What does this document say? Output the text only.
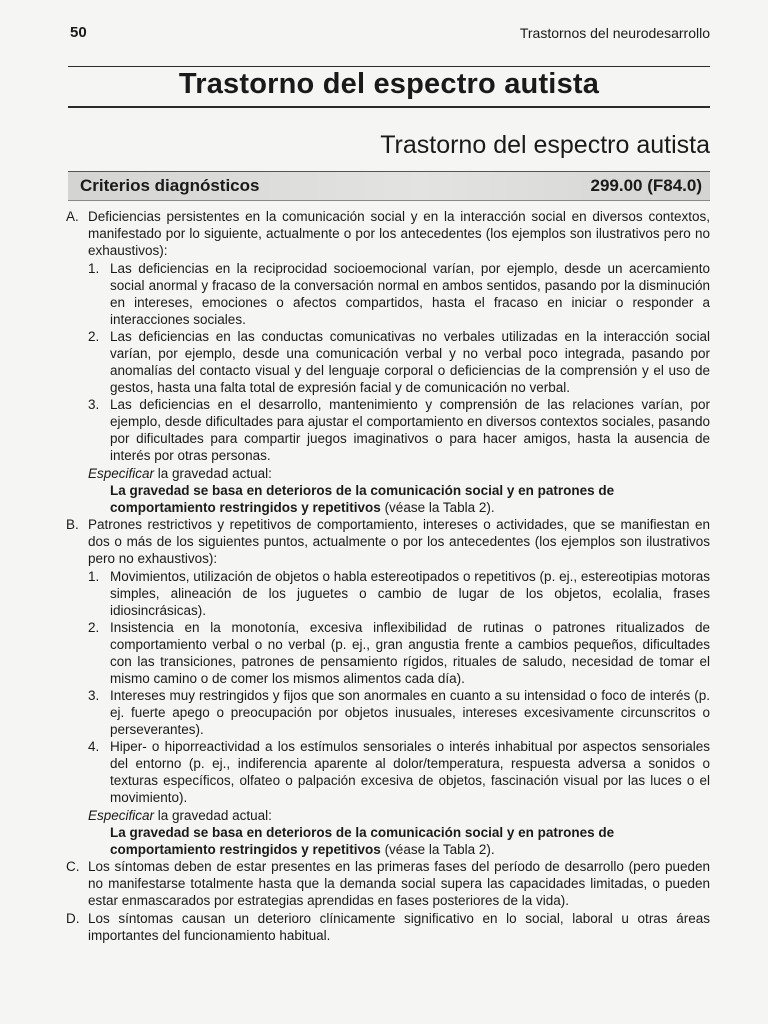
50	Trastornos del neurodesarrollo
Trastorno del espectro autista
Trastorno del espectro autista
Criterios diagnósticos	299.00 (F84.0)
A. Deficiencias persistentes en la comunicación social y en la interacción social en diversos contextos, manifestado por lo siguiente, actualmente o por los antecedentes (los ejemplos son ilustrativos pero no exhaustivos):
1. Las deficiencias en la reciprocidad socioemocional varían, por ejemplo, desde un acercamiento social anormal y fracaso de la conversación normal en ambos sentidos, pasando por la disminución en intereses, emociones o afectos compartidos, hasta el fracaso en iniciar o responder a interacciones sociales.
2. Las deficiencias en las conductas comunicativas no verbales utilizadas en la interacción social varían, por ejemplo, desde una comunicación verbal y no verbal poco integrada, pasando por anomalías del contacto visual y del lenguaje corporal o deficiencias de la comprensión y el uso de gestos, hasta una falta total de expresión facial y de comunicación no verbal.
3. Las deficiencias en el desarrollo, mantenimiento y comprensión de las relaciones varían, por ejemplo, desde dificultades para ajustar el comportamiento en diversos contextos sociales, pasando por dificultades para compartir juegos imaginativos o para hacer amigos, hasta la ausencia de interés por otras personas.
Especificar la gravedad actual:
La gravedad se basa en deterioros de la comunicación social y en patrones de comportamiento restringidos y repetitivos (véase la Tabla 2).
B. Patrones restrictivos y repetitivos de comportamiento, intereses o actividades, que se manifiestan en dos o más de los siguientes puntos, actualmente o por los antecedentes (los ejemplos son ilustrativos pero no exhaustivos):
1. Movimientos, utilización de objetos o habla estereotipados o repetitivos (p. ej., estereotipias motoras simples, alineación de los juguetes o cambio de lugar de los objetos, ecolalia, frases idiosincrásicas).
2. Insistencia en la monotonía, excesiva inflexibilidad de rutinas o patrones ritualizados de comportamiento verbal o no verbal (p. ej., gran angustia frente a cambios pequeños, dificultades con las transiciones, patrones de pensamiento rígidos, rituales de saludo, necesidad de tomar el mismo camino o de comer los mismos alimentos cada día).
3. Intereses muy restringidos y fijos que son anormales en cuanto a su intensidad o foco de interés (p. ej. fuerte apego o preocupación por objetos inusuales, intereses excesivamente circunscritos o perseverantes).
4. Hiper- o hiporreactividad a los estímulos sensoriales o interés inhabitual por aspectos sensoriales del entorno (p. ej., indiferencia aparente al dolor/temperatura, respuesta adversa a sonidos o texturas específicos, olfateo o palpación excesiva de objetos, fascinación visual por las luces o el movimiento).
Especificar la gravedad actual:
La gravedad se basa en deterioros de la comunicación social y en patrones de comportamiento restringidos y repetitivos (véase la Tabla 2).
C. Los síntomas deben de estar presentes en las primeras fases del período de desarrollo (pero pueden no manifestarse totalmente hasta que la demanda social supera las capacidades limitadas, o pueden estar enmascarados por estrategias aprendidas en fases posteriores de la vida).
D. Los síntomas causan un deterioro clínicamente significativo en lo social, laboral u otras áreas importantes del funcionamiento habitual.
